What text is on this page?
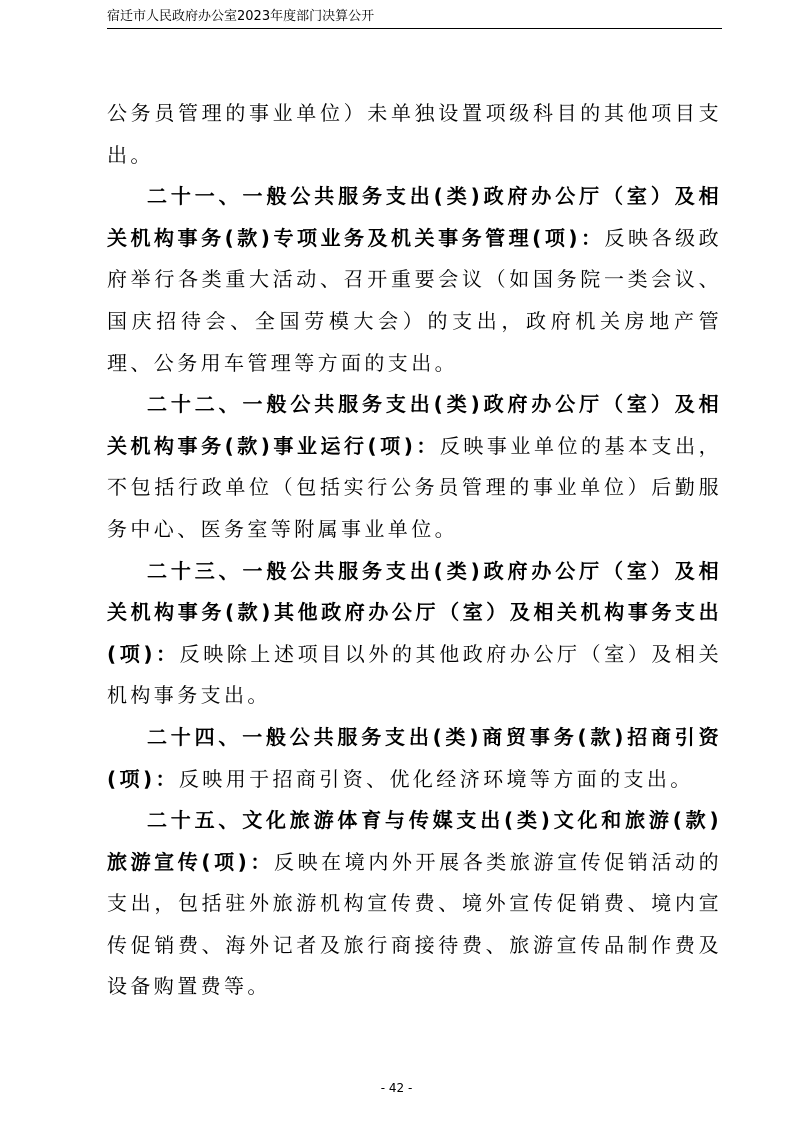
宿迁市人民政府办公室2023年度部门决算公开

公务员管理的事业单位）未单独设置项级科目的其他项目支出。

二十一、一般公共服务支出(类)政府办公厅（室）及相关机构事务(款)专项业务及机关事务管理(项)：反映各级政府举行各类重大活动、召开重要会议（如国务院一类会议、国庆招待会、全国劳模大会）的支出，政府机关房地产管理、公务用车管理等方面的支出。

二十二、一般公共服务支出(类)政府办公厅（室）及相关机构事务(款)事业运行(项)：反映事业单位的基本支出，不包括行政单位（包括实行公务员管理的事业单位）后勤服务中心、医务室等附属事业单位。

二十三、一般公共服务支出(类)政府办公厅（室）及相关机构事务(款)其他政府办公厅（室）及相关机构事务支出(项)：反映除上述项目以外的其他政府办公厅（室）及相关机构事务支出。

二十四、一般公共服务支出(类)商贸事务(款)招商引资(项)：反映用于招商引资、优化经济环境等方面的支出。

二十五、文化旅游体育与传媒支出(类)文化和旅游(款)旅游宣传(项)：反映在境内外开展各类旅游宣传促销活动的支出，包括驻外旅游机构宣传费、境外宣传促销费、境内宣传促销费、海外记者及旅行商接待费、旅游宣传品制作费及设备购置费等。

- 42 -
